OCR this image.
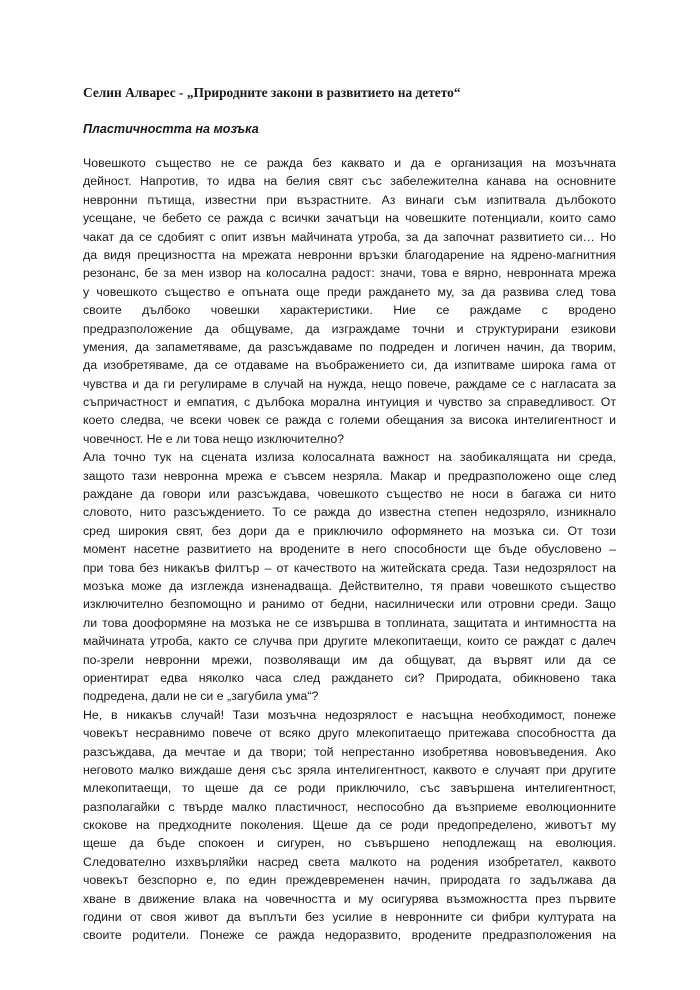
Селин Алварес - „Природните закони в развитието на детето“
Пластичността на мозъка
Човешкото същество не се ражда без каквато и да е организация на мозъчната
дейност. Напротив, то идва на белия свят със забележителна канава на основните
невронни пътища, известни при възрастните. Аз винаги съм изпитвала дълбокото
усещане, че бебето се ражда с всички зачатъци на човешките потенциали, които само
чакат да се сдобият с опит извън майчината утроба, за да започнат развитието си… Но
да видя прецизността на мрежата невронни връзки благодарение на ядрено-магнитния
резонанс, бе за мен извор на колосална радост: значи, това е вярно, невронната мрежа
у човешкото същество е опъната още преди раждането му, за да развива след това
своите дълбоко човешки характеристики. Ние се раждаме с вродено
предразположение да общуваме, да изграждаме точни и структурирани езикови
умения, да запаметяваме, да разсъждаваме по подреден и логичен начин, да творим,
да изобретяваме, да се отдаваме на въображението си, да изпитваме широка гама от
чувства и да ги регулираме в случай на нужда, нещо повече, раждаме се с нагласата за
съпричастност и емпатия, с дълбока морална интуиция и чувство за справедливост. От
което следва, че всеки човек се ражда с големи обещания за висока интелигентност и
човечност. Не е ли това нещо изключително?
Ала точно тук на сцената излиза колосалната важност на заобикалящата ни среда,
защото тази невронна мрежа е съвсем незряла. Макар и предразположено още след
раждане да говори или разсъждава, човешкото същество не носи в багажа си нито
словото, нито разсъждението. То се ражда до известна степен недозряло, изникнало
сред широкия свят, без дори да е приключило оформянето на мозъка си. От този
момент насетне развитието на вродените в него способности ще бъде обусловено –
при това без никакъв филтър – от качеството на житейската среда. Тази недозрялост на
мозъка може да изглежда изненадваща. Действително, тя прави човешкото същество
изключително безпомощно и ранимо от бедни, насилнически или отровни среди. Защо
ли това дооформяне на мозъка не се извършва в топлината, защитата и интимността на
майчината утроба, както се случва при другите млекопитаещи, които се раждат с далеч
по-зрели невронни мрежи, позволяващи им да общуват, да вървят или да се
ориентират едва няколко часа след раждането си? Природата, обикновено така
подредена, дали не си е „загубила ума“?
Не, в никакъв случай! Тази мозъчна недозрялост е насъщна необходимост, понеже
човекът несравнимо повече от всяко друго млекопитаещо притежава способността да
разсъждава, да мечтае и да твори; той непрестанно изобретява нововъведения. Ако
неговото малко виждаше деня със зряла интелигентност, каквото е случаят при другите
млекопитаещи, то щеше да се роди приключило, със завършена интелигентност,
разполагайки с твърде малко пластичност, неспособно да възприеме еволюционните
скокове на предходните поколения. Щеше да се роди предопределено, животът му
щеше да бъде спокоен и сигурен, но съвършено неподлежащ на еволюция.
Следователно изхвърляйки насред света малкото на родения изобретател, каквото
човекът безспорно е, по един преждевременен начин, природата го задължава да
хване в движение влака на човечността и му осигурява възможността през първите
години от своя живот да въплъти без усилие в невронните си фибри културата на
своите родители. Понеже се ражда недоразвито, вродените предразположения на
